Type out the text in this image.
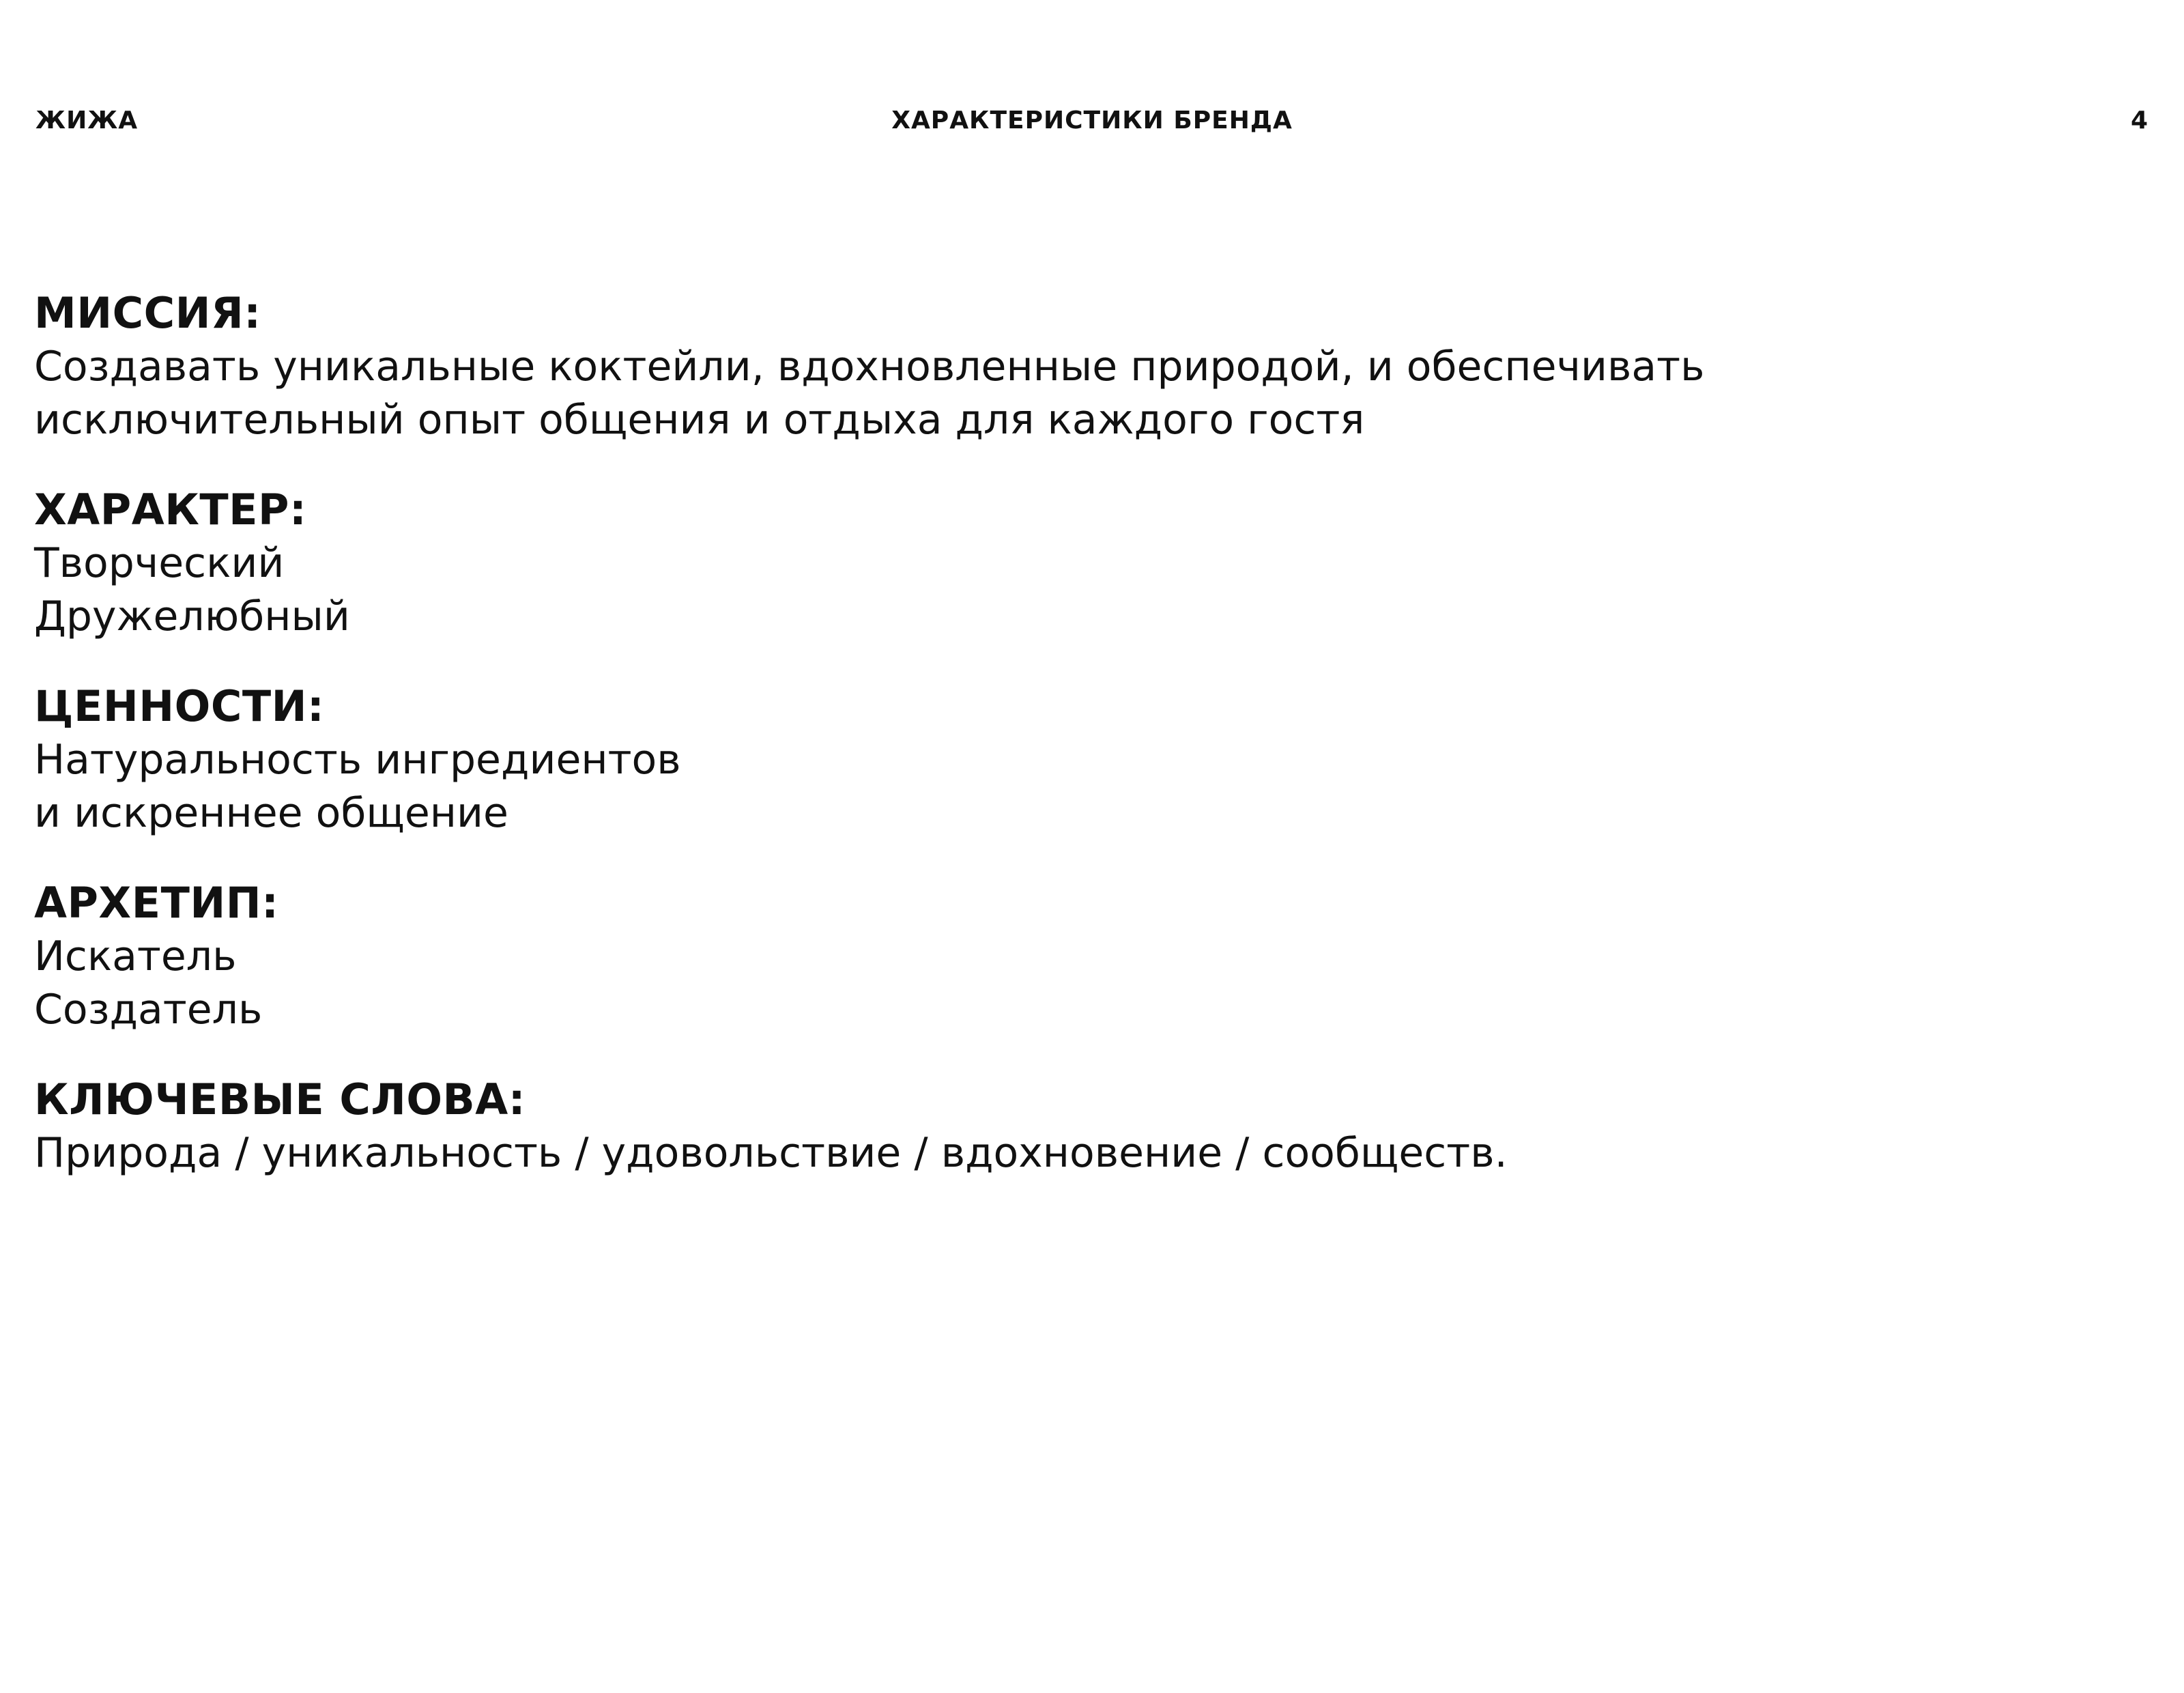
ЖИЖА	ХАРАКТЕРИСТИКИ БРЕНДА	4
МИССИЯ:
Создавать уникальные коктейли, вдохновленные природой, и обеспечивать
исключительный опыт общения и отдыха для каждого гостя
ХАРАКТЕР:
Творческий
Дружелюбный
ЦЕННОСТИ:
Натуральность ингредиентов
и искреннее общение
АРХЕТИП:
Искатель
Создатель
КЛЮЧЕВЫЕ СЛОВА:
Природа / уникальность / удовольствие / вдохновение / сообществ.
